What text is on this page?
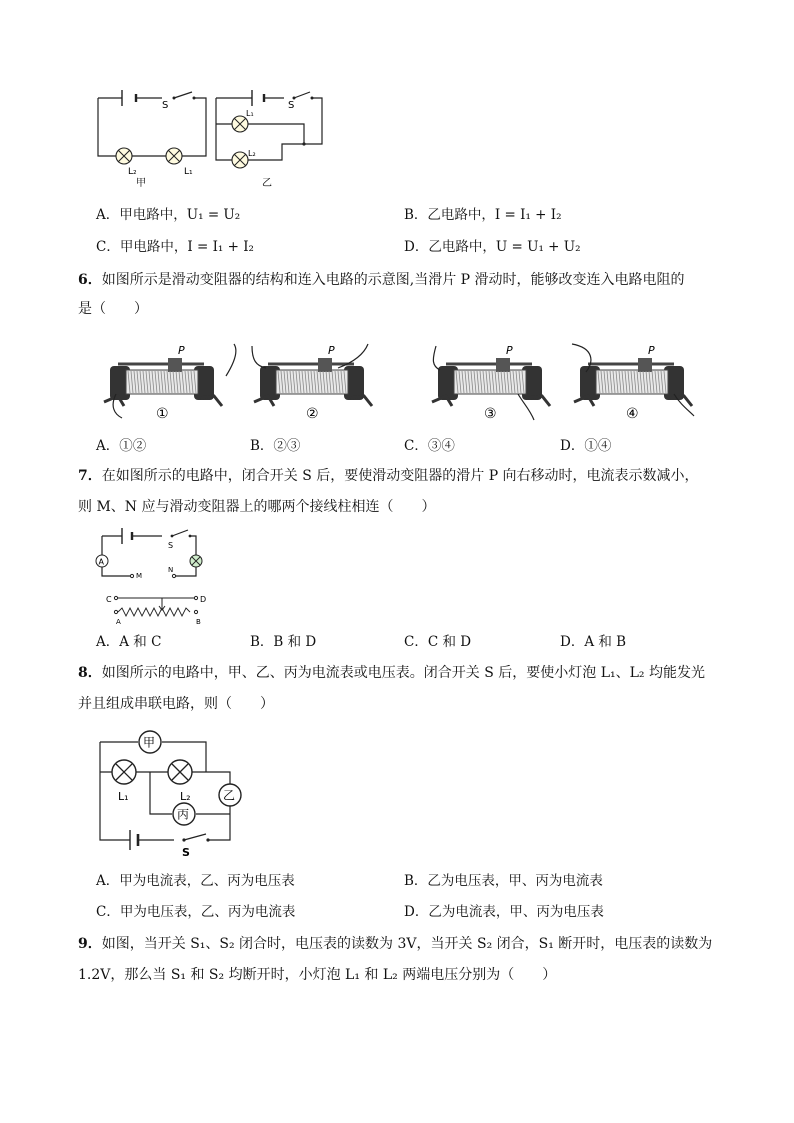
S
L₂	L₁
甲
S
L₁
L₂
乙
A．甲电路中，U₁ = U₂	B．乙电路中，I = I₁ + I₂
C．甲电路中，I = I₁ + I₂	D．乙电路中，U = U₁ + U₂
6．如图所示是滑动变阻器的结构和连入电路的示意图,当滑片 P 滑动时，能够改变连入电路电阻的
是（　　）
P
①
P
②
P
③
P
④
A．①②	B．②③	C．③④	D．①④
7．在如图所示的电路中，闭合开关 S 后，要使滑动变阻器的滑片 P 向右移动时，电流表示数减小，
则 M、N 应与滑动变阻器上的哪两个接线柱相连（　　）
A
S
M
N
C	D
A	B
A．A 和 C	B．B 和 D	C．C 和 D	D．A 和 B
8．如图所示的电路中，甲、乙、丙为电流表或电压表。闭合开关 S 后，要使小灯泡 L₁、L₂ 均能发光
并且组成串联电路，则（　　）
甲
乙
丙
L₁	L₂
S
A．甲为电流表，乙、丙为电压表	B．乙为电压表，甲、丙为电流表
C．甲为电压表，乙、丙为电流表	D．乙为电流表，甲、丙为电压表
9．如图，当开关 S₁、S₂ 闭合时，电压表的读数为 3V，当开关 S₂ 闭合，S₁ 断开时，电压表的读数为
1.2V，那么当 S₁ 和 S₂ 均断开时，小灯泡 L₁ 和 L₂ 两端电压分别为（　　）
